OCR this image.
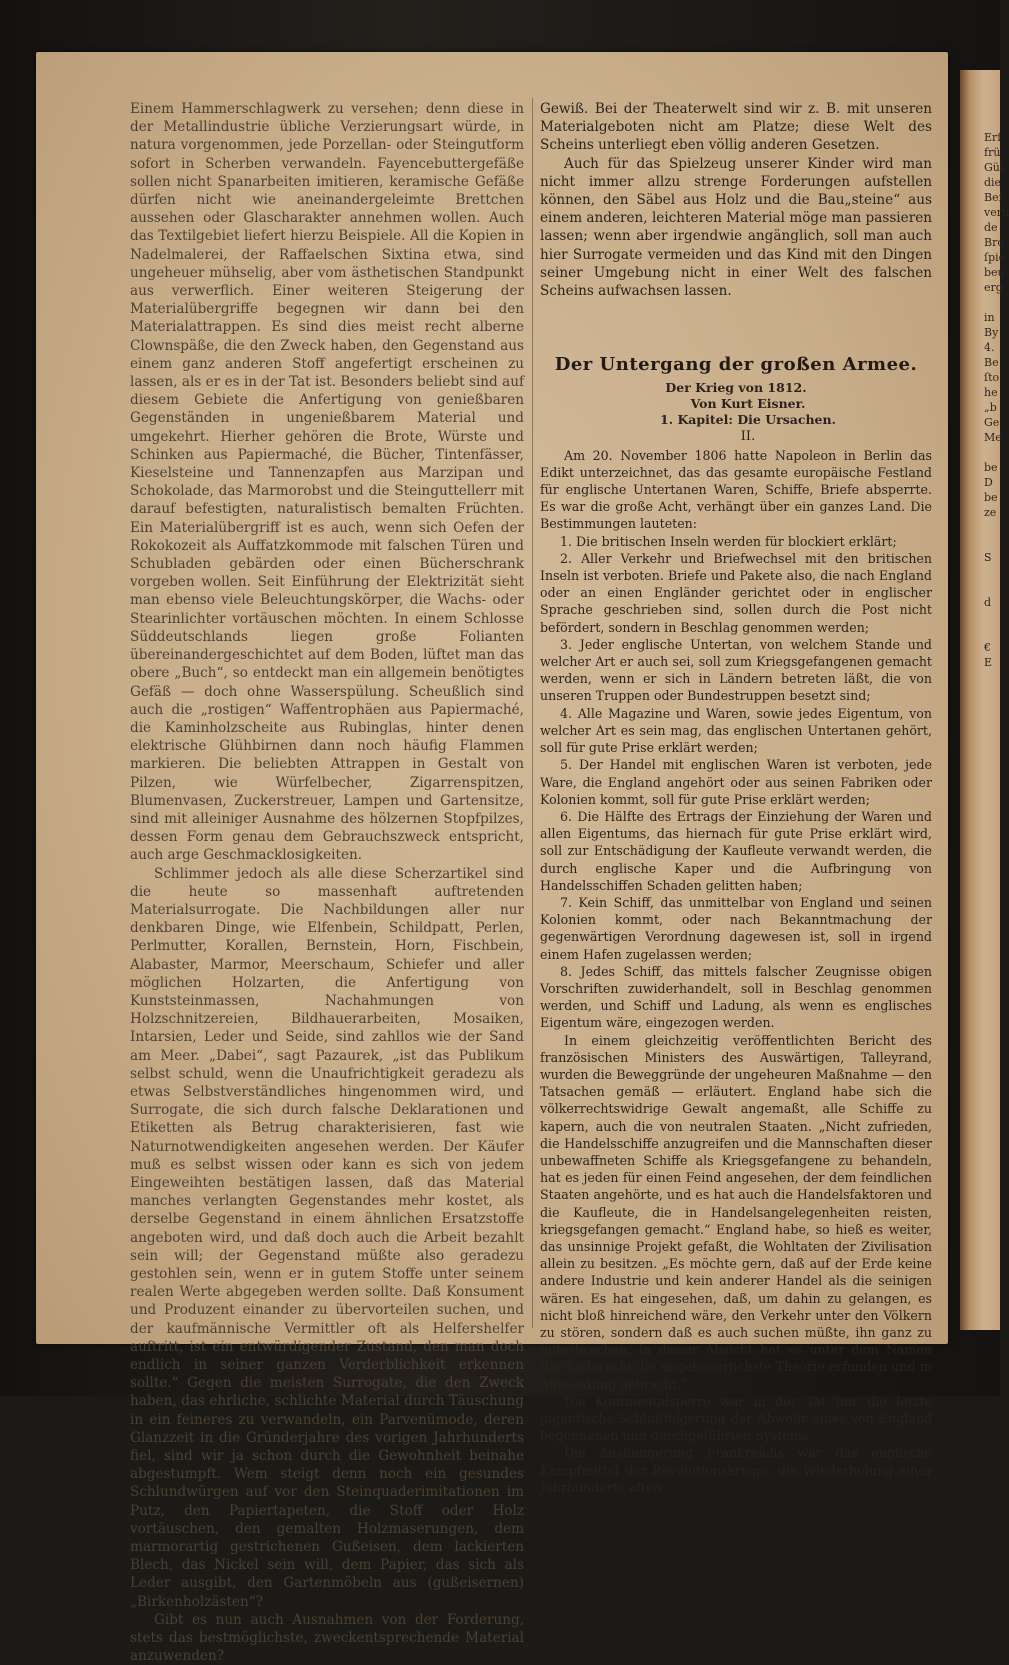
Erſ
frü
Gül
die
Beſ
verh
de
Bro
ſpie
beu
erg

in
By
4.
Be
ſto
he
„b
Ge
Me

be
D
be
ze

S

d

€
E

Einem Hammerschlagwerk zu versehen; denn diese in der Metallindustrie übliche Verzierungsart würde, in natura vorgenommen, jede Porzellan- oder Steingutform sofort in Scherben verwandeln. Fayencebuttergefäße sollen nicht Spanarbeiten imitieren, keramische Gefäße dürfen nicht wie aneinandergeleimte Brettchen aussehen oder Glascharakter annehmen wollen. Auch das Textilgebiet liefert hierzu Beispiele. All die Kopien in Nadelmalerei, der Raffaelschen Sixtina etwa, sind ungeheuer mühselig, aber vom ästhetischen Standpunkt aus verwerflich. Einer weiteren Steigerung der Materialübergriffe begegnen wir dann bei den Materialattrappen. Es sind dies meist recht alberne Clownspäße, die den Zweck haben, den Gegenstand aus einem ganz anderen Stoff angefertigt erscheinen zu lassen, als er es in der Tat ist. Besonders beliebt sind auf diesem Gebiete die Anfertigung von genießbaren Gegenständen in ungenießbarem Material und umgekehrt. Hierher gehören die Brote, Würste und Schinken aus Papiermaché, die Bücher, Tintenfässer, Kieselsteine und Tannenzapfen aus Marzipan und Schokolade, das Marmorobst und die Steinguttellerr mit darauf befestigten, naturalistisch bemalten Früchten. Ein Materialübergriff ist es auch, wenn sich Oefen der Rokokozeit als Auffatzkommode mit falschen Türen und Schubladen gebärden oder einen Bücherschrank vorgeben wollen. Seit Einführung der Elektrizität sieht man ebenso viele Beleuchtungskörper, die Wachs- oder Stearinlichter vortäuschen möchten. In einem Schlosse Süddeutschlands liegen große Folianten übereinandergeschichtet auf dem Boden, lüftet man das obere „Buch“, so entdeckt man ein allgemein benötigtes Gefäß — doch ohne Wasserspülung. Scheußlich sind auch die „rostigen“ Waffentrophäen aus Papiermaché, die Kaminholzscheite aus Rubinglas, hinter denen elektrische Glühbirnen dann noch häufig Flammen markieren. Die beliebten Attrappen in Gestalt von Pilzen, wie Würfelbecher, Zigarrenspitzen, Blumenvasen, Zuckerstreuer, Lampen und Gartensitze, sind mit alleiniger Ausnahme des hölzernen Stopfpilzes, dessen Form genau dem Gebrauchszweck entspricht, auch arge Geschmacklosigkeiten.

Schlimmer jedoch als alle diese Scherzartikel sind die heute so massenhaft auftretenden Materialsurrogate. Die Nachbildungen aller nur denkbaren Dinge, wie Elfenbein, Schildpatt, Perlen, Perlmutter, Korallen, Bernstein, Horn, Fischbein, Alabaster, Marmor, Meerschaum, Schiefer und aller möglichen Holzarten, die Anfertigung von Kunststeinmassen, Nachahmungen von Holzschnitzereien, Bildhauerarbeiten, Mosaiken, Intarsien, Leder und Seide, sind zahllos wie der Sand am Meer. „Dabei“, sagt Pazaurek, „ist das Publikum selbst schuld, wenn die Unaufrichtigkeit geradezu als etwas Selbstverständliches hingenommen wird, und Surrogate, die sich durch falsche Deklarationen und Etiketten als Betrug charakterisieren, fast wie Naturnotwendigkeiten angesehen werden. Der Käufer muß es selbst wissen oder kann es sich von jedem Eingeweihten bestätigen lassen, daß das Material manches verlangten Gegenstandes mehr kostet, als derselbe Gegenstand in einem ähnlichen Ersatzstoffe angeboten wird, und daß doch auch die Arbeit bezahlt sein will; der Gegenstand müßte also geradezu gestohlen sein, wenn er in gutem Stoffe unter seinem realen Werte abgegeben werden sollte. Daß Konsument und Produzent einander zu übervorteilen suchen, und der kaufmännische Vermittler oft als Helfershelfer auftritt, ist ein entwürdigender Zustand, den man doch endlich in seiner ganzen Verderblichkeit erkennen sollte.“ Gegen die meisten Surrogate, die den Zweck haben, das ehrliche, schlichte Material durch Täuschung in ein feineres zu verwandeln, ein Parvenümode, deren Glanzzeit in die Gründerjahre des vorigen Jahrhunderts fiel, sind wir ja schon durch die Gewohnheit beinahe abgestumpft. Wem steigt denn noch ein gesundes Schlundwürgen auf vor den Steinquaderimitationen im Putz, den Papiertapeten, die Stoff oder Holz vortäuschen, den gemalten Holzmaserungen, dem marmorartig gestrichenen Gußeisen, dem lackierten Blech, das Nickel sein will, dem Papier, das sich als Leder ausgibt, den Gartenmöbeln aus (gußeisernen) „Birkenholzästen“?

Gibt es nun auch Ausnahmen von der Forderung, stets das bestmöglichste, zweckentsprechende Material anzuwenden?

Gewiß. Bei der Theaterwelt sind wir z. B. mit unseren Materialgeboten nicht am Platze; diese Welt des Scheins unterliegt eben völlig anderen Gesetzen.

Auch für das Spielzeug unserer Kinder wird man nicht immer allzu strenge Forderungen aufstellen können, den Säbel aus Holz und die Bau„steine“ aus einem anderen, leichteren Material möge man passieren lassen; wenn aber irgendwie angänglich, soll man auch hier Surrogate vermeiden und das Kind mit den Dingen seiner Umgebung nicht in einer Welt des falschen Scheins aufwachsen lassen.

Der Untergang der großen Armee.

Der Krieg von 1812.

Von Kurt Eisner.

1. Kapitel: Die Ursachen.

II.

Am 20. November 1806 hatte Napoleon in Berlin das Edikt unterzeichnet, das das gesamte europäische Festland für englische Untertanen Waren, Schiffe, Briefe absperrte. Es war die große Acht, verhängt über ein ganzes Land. Die Bestimmungen lauteten:

1. Die britischen Inseln werden für blockiert erklärt;

2. Aller Verkehr und Briefwechsel mit den britischen Inseln ist verboten. Briefe und Pakete also, die nach England oder an einen Engländer gerichtet oder in englischer Sprache geschrieben sind, sollen durch die Post nicht befördert, sondern in Beschlag genommen werden;

3. Jeder englische Untertan, von welchem Stande und welcher Art er auch sei, soll zum Kriegsgefangenen gemacht werden, wenn er sich in Ländern betreten läßt, die von unseren Truppen oder Bundestruppen besetzt sind;

4. Alle Magazine und Waren, sowie jedes Eigentum, von welcher Art es sein mag, das englischen Untertanen gehört, soll für gute Prise erklärt werden;

5. Der Handel mit englischen Waren ist verboten, jede Ware, die England angehört oder aus seinen Fabriken oder Kolonien kommt, soll für gute Prise erklärt werden;

6. Die Hälfte des Ertrags der Einziehung der Waren und allen Eigentums, das hiernach für gute Prise erklärt wird, soll zur Entschädigung der Kaufleute verwandt werden, die durch englische Kaper und die Aufbringung von Handelsschiffen Schaden gelitten haben;

7. Kein Schiff, das unmittelbar von England und seinen Kolonien kommt, oder nach Bekanntmachung der gegenwärtigen Verordnung dagewesen ist, soll in irgend einem Hafen zugelassen werden;

8. Jedes Schiff, das mittels falscher Zeugnisse obigen Vorschriften zuwiderhandelt, soll in Beschlag genommen werden, und Schiff und Ladung, als wenn es englisches Eigentum wäre, eingezogen werden.

In einem gleichzeitig veröffentlichten Bericht des französischen Ministers des Auswärtigen, Talleyrand, wurden die Beweggründe der ungeheuren Maßnahme — den Tatsachen gemäß — erläutert. England habe sich die völkerrechtswidrige Gewalt angemaßt, alle Schiffe zu kapern, auch die von neutralen Staaten. „Nicht zufrieden, die Handelsschiffe anzugreifen und die Mannschaften dieser unbewaffneten Schiffe als Kriegsgefangene zu behandeln, hat es jeden für einen Feind angesehen, der dem feindlichen Staaten angehörte, und es hat auch die Handelsfaktoren und die Kaufleute, die in Handelsangelegenheiten reisten, kriegsgefangen gemacht.“ England habe, so hieß es weiter, das unsinnige Projekt gefaßt, die Wohltaten der Zivilisation allein zu besitzen. „Es möchte gern, daß auf der Erde keine andere Industrie und kein anderer Handel als die seinigen wären. Es hat eingesehen, daß, um dahin zu gelangen, es nicht bloß hinreichend wäre, den Verkehr unter den Völkern zu stören, sondern daß es auch suchen müßte, ihn ganz zu unterbrechen. In dieser Absicht hat es unter dem Namen Blockaderecht die ungeheuerlichste Theorie erfunden und in Anwendung gebracht.“

Die Kontinentalsperre war in der Tat nur die letzte gigantische Schlußfolgerung der Abwehr eines von England begonnenen und durchgeführten Systems.

Die Aushungerung Frankreichs war das englische Kampfmittel der Revolutionskriege; die Wiederholung einer Jahrhunderte alten
